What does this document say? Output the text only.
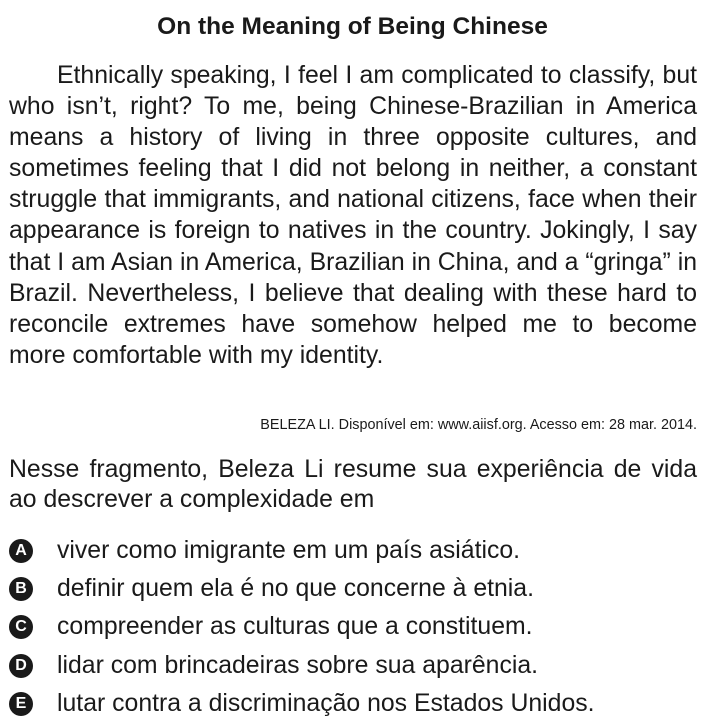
On the Meaning of Being Chinese

Ethnically speaking, I feel I am complicated to classify, but who isn’t, right? To me, being Chinese-Brazilian in America means a history of living in three opposite cultures, and sometimes feeling that I did not belong in neither, a constant struggle that immigrants, and national citizens, face when their appearance is foreign to natives in the country. Jokingly, I say that I am Asian in America, Brazilian in China, and a “gringa” in Brazil. Nevertheless, I believe that dealing with these hard to reconcile extremes have somehow helped me to become more comfortable with my identity.

BELEZA LI. Disponível em: www.aiisf.org. Acesso em: 28 mar. 2014.

Nesse fragmento, Beleza Li resume sua experiência de vida ao descrever a complexidade em

A viver como imigrante em um país asiático.
B definir quem ela é no que concerne à etnia.
C compreender as culturas que a constituem.
D lidar com brincadeiras sobre sua aparência.
E lutar contra a discriminação nos Estados Unidos.
